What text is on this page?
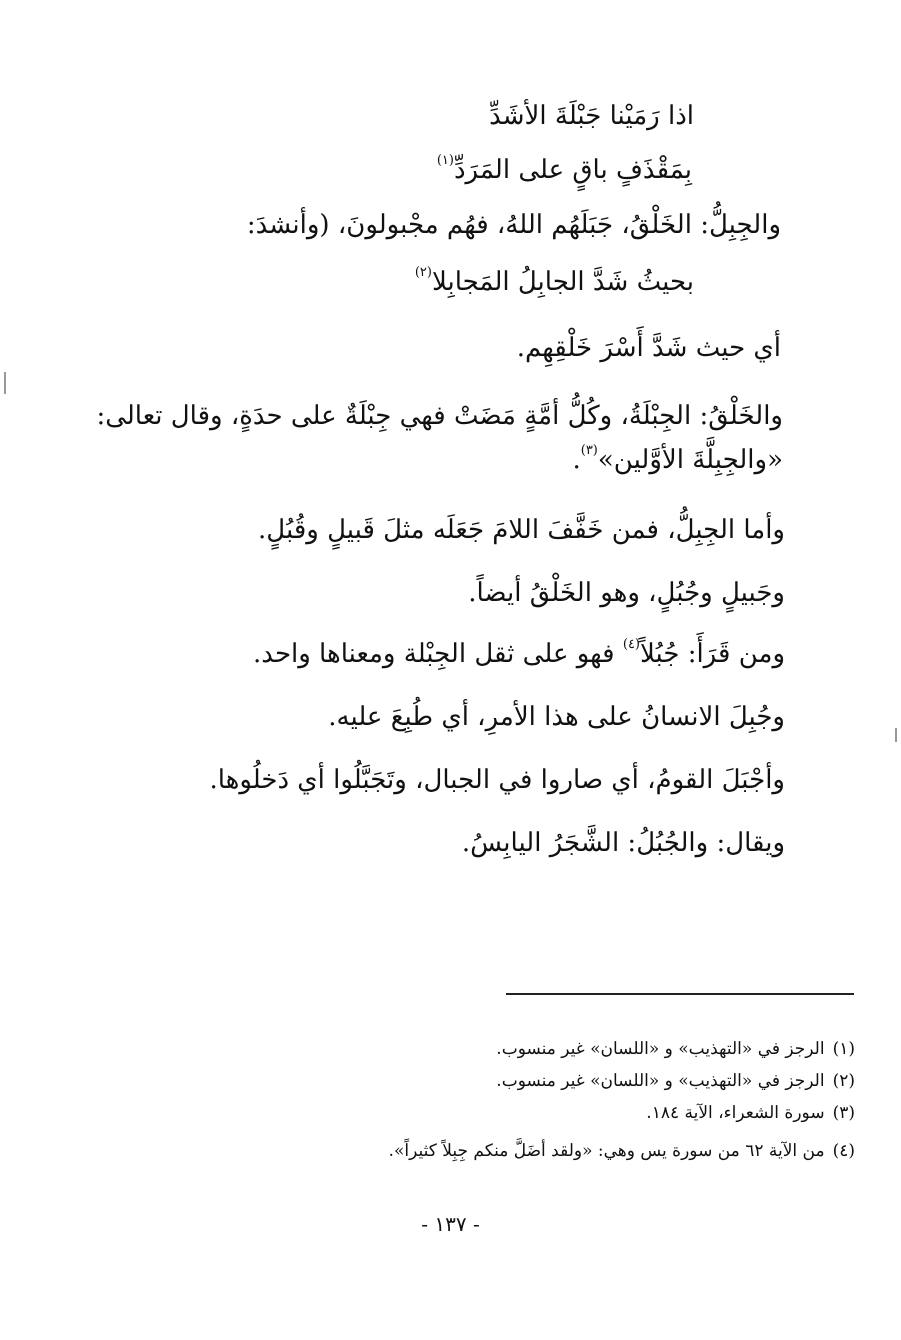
اذا رَمَيْنا جَبْلَةَ الأشَدِّ
بِمَقْذَفٍ باقٍ على المَرَدِّ$^{(١)}$
والجِبِلُّ: الخَلْقُ، جَبَلَهُم اللهُ، فهُم مجْبولونَ، (وأنشدَ:
بحيثُ شَدَّ الجابِلُ المَجابِلا$^{(٢)}$
أي حيث شَدَّ أَسْرَ خَلْقِهِم.
والخَلْقُ: الجِبْلَةُ، وكُلُّ أمَّةٍ مَضَتْ فهي جِبْلَةٌ على حدَةٍ، وقال تعالى:
«والجِبِلَّةَ الأوَّلين»$^{(٣)}$.
وأما الجِبِلُّ، فمن خَفَّفَ اللامَ جَعَلَه مثلَ قَبيلٍ وقُبُلٍ.
وجَبيلٍ وجُبُلٍ، وهو الخَلْقُ أيضاً.
ومن قَرَأَ: جُبُلاً$^{(٤)}$ فهو على ثقل الجِبْلة ومعناها واحد.
وجُبِلَ الانسانُ على هذا الأمرِ، أي طُبِعَ عليه.
وأجْبَلَ القومُ، أي صاروا في الجبال، وتَجَبَّلُوا أي دَخلُوها.
ويقال: والجُبُلُ: الشَّجَرُ اليابِسُ.
(١)الرجز في «التهذيب» و «اللسان» غير منسوب.
(٢)الرجز في «التهذيب» و «اللسان» غير منسوب.
(٣)سورة الشعراء، الآية ١٨٤.
(٤)من الآية ٦٢ من سورة يس وهي: «ولقد أضَلَّ منكم جِبِلاً كثيراً».
- ١٣٧ -
